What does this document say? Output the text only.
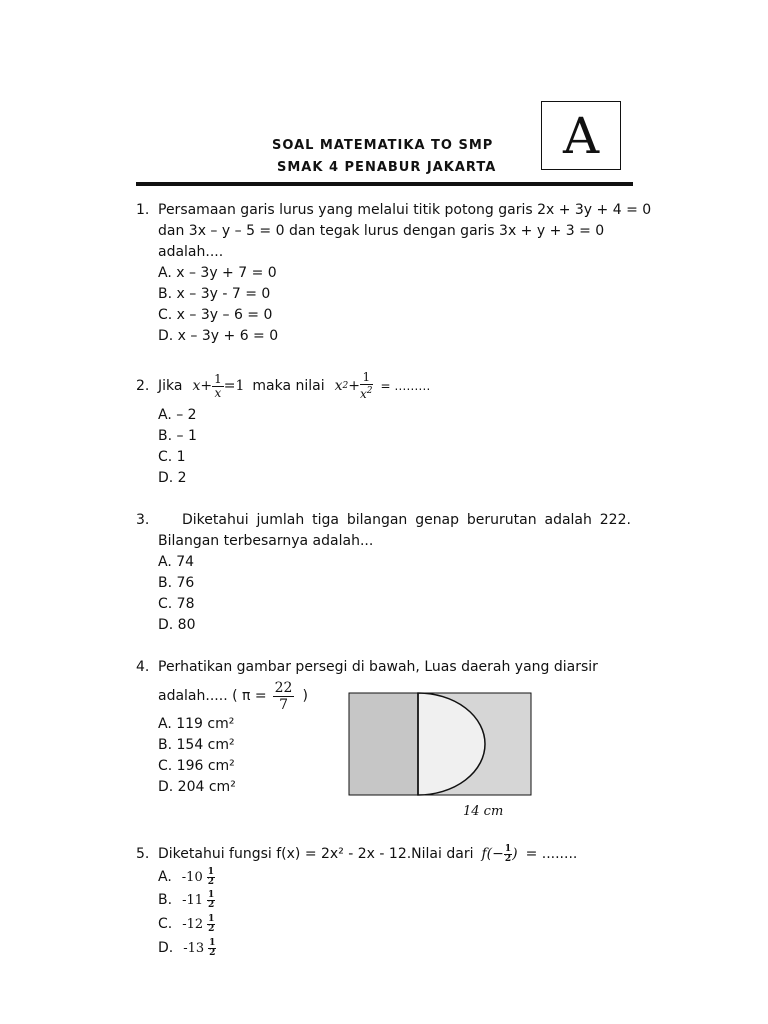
SOAL MATEMATIKA TO SMP
SMAK 4 PENABUR JAKARTA
A
1. Persamaan garis lurus yang melalui titik potong garis 2x + 3y + 4 = 0
dan 3x – y – 5 = 0 dan tegak lurus dengan garis 3x + y + 3 = 0
adalah....
A. x – 3y + 7 = 0
B. x – 3y - 7 = 0
C. x – 3y – 6 = 0
D. x – 3y + 6 = 0
2. Jika $x + \frac{1}{x} =1$ maka nilai x $2 + \frac{1}{x^2}$ = ………
A. – 2
B. – 1
C. 1
D. 2
3. Diketahui jumlah tiga bilangan genap berurutan adalah 222.
Bilangan terbesarnya adalah...
A. 74
B. 76
C. 78
D. 80
4. Perhatikan gambar persegi di bawah, Luas daerah yang diarsir
adalah..... ( $\pi = \frac{22}{7}$ )
A. 119 cm²
B. 154 cm²
C. 196 cm²
D. 204 cm²
14 cm
5. Diketahui fungsi f(x) = 2x² - 2x - 12.Nilai dari $f(- \frac{1}{2}$ ) = ........
A. -10 1
2
B. -11 1
2
C. -12 1
2
D. -13 1
2
